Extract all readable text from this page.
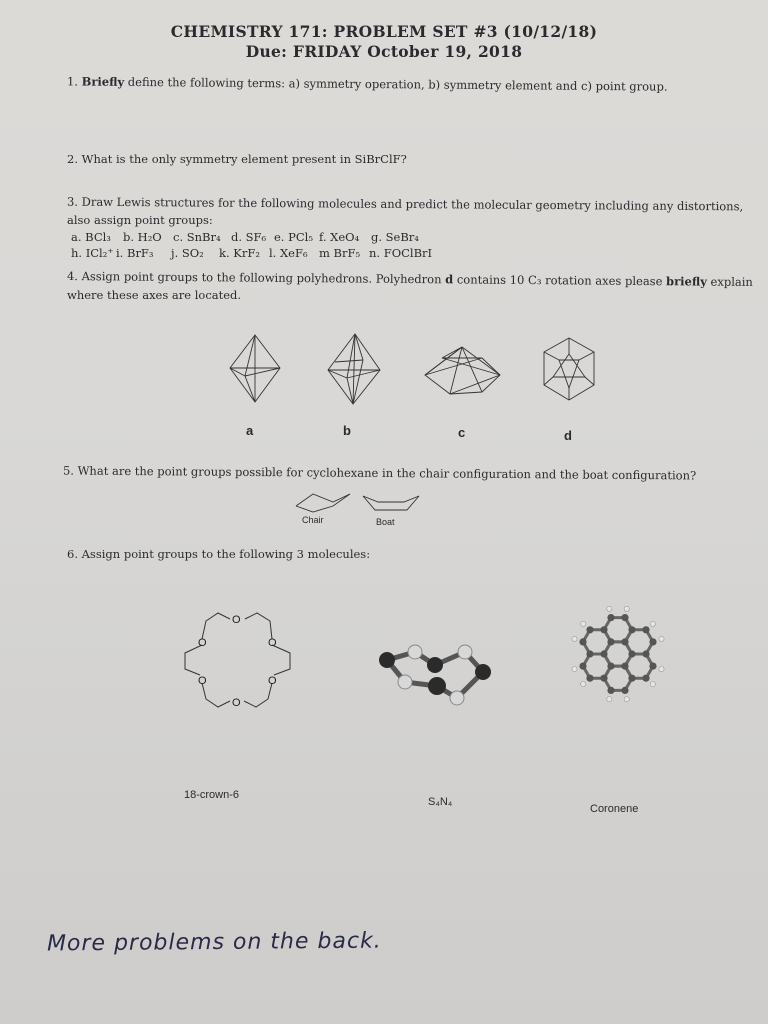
CHEMISTRY 171: PROBLEM SET #3 (10/12/18)
Due: FRIDAY October 19, 2018
1. Briefly define the following terms: a) symmetry operation, b) symmetry element and c) point group.
2. What is the only symmetry element present in SiBrClF?
3. Draw Lewis structures for the following molecules and predict the molecular geometry including any distortions,
also assign point groups:
a. BCl₃ b. H₂O c. SnBr₄ d. SF₆ e. PCl₅ f. XeO₄ g. SeBr₄
h. ICl₂⁺ i. BrF₃ j. SO₂ k. KrF₂ l. XeF₆ m BrF₅ n. FOClBrI
4. Assign point groups to the following polyhedrons. Polyhedron d contains 10 C₃ rotation axes please briefly explain
where these axes are located.
a	b	c	d
5. What are the point groups possible for cyclohexane in the chair configuration and the boat configuration?
Chair	Boat
6. Assign point groups to the following 3 molecules:
O
O	O
O	O
O
18-crown-6
S₄N₄
Coronene
More problems on the back.
